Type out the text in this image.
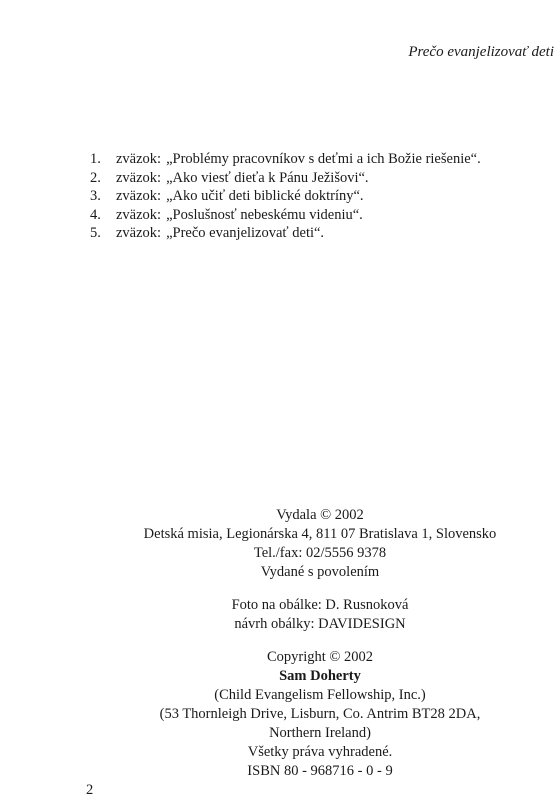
Prečo evanjelizovať deti
1.	zväzok: „Problémy pracovníkov s deťmi a ich Božie riešenie“.
2.	zväzok: „Ako viesť dieťa k Pánu Ježišovi“.
3.	zväzok: „Ako učiť deti biblické doktríny“.
4.	zväzok: „Poslušnosť nebeskému videniu“.
5.	zväzok: „Prečo evanjelizovať deti“.
Vydala © 2002
Detská misia, Legionárska 4, 811 07 Bratislava 1, Slovensko
Tel./fax: 02/5556 9378
Vydané s povolením
Foto na obálke: D. Rusnoková
návrh obálky: DAVIDESIGN
Copyright © 2002
Sam Doherty
(Child Evangelism Fellowship, Inc.)
(53 Thornleigh Drive, Lisburn, Co. Antrim BT28 2DA,
Northern Ireland)
Všetky práva vyhradené.
ISBN 80 - 968716 - 0 - 9
2
